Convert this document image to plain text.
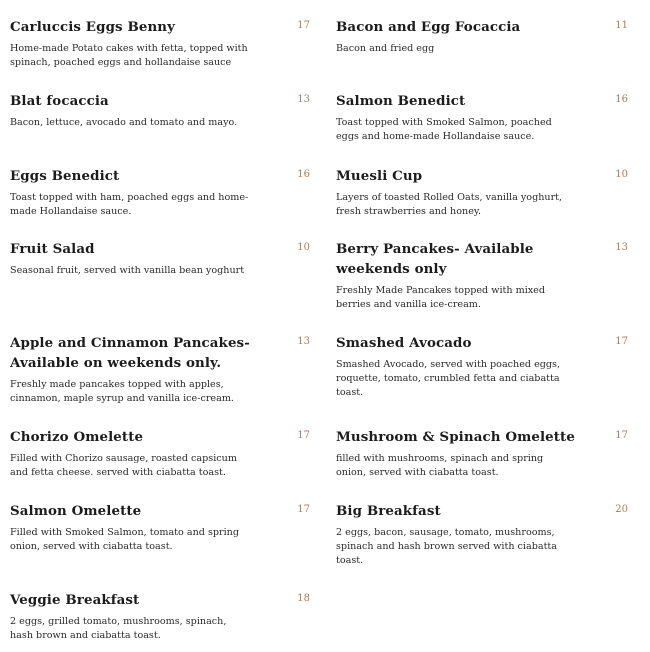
Carluccis Eggs Benny	17
Home-made Potato cakes with fetta, topped with spinach, poached eggs and hollandaise sauce
Blat focaccia	13
Bacon, lettuce, avocado and tomato and mayo.
Eggs Benedict	16
Toast topped with ham, poached eggs and home-made Hollandaise sauce.
Fruit Salad	10
Seasonal fruit, served with vanilla bean yoghurt
Apple and Cinnamon Pancakes- Available on weekends only.
13
Freshly made pancakes topped with apples, cinnamon, maple syrup and vanilla ice-cream.
Chorizo Omelette	17
Filled with Chorizo sausage, roasted capsicum and fetta cheese. served with ciabatta toast.
Salmon Omelette	17
Filled with Smoked Salmon, tomato and spring onion, served with ciabatta toast.
Veggie Breakfast	18
2 eggs, grilled tomato, mushrooms, spinach, hash brown and ciabatta toast.
Bacon and Egg Focaccia	11
Bacon and fried egg
Salmon Benedict	16
Toast topped with Smoked Salmon, poached eggs and home-made Hollandaise sauce.
Muesli Cup	10
Layers of toasted Rolled Oats, vanilla yoghurt, fresh strawberries and honey.
Berry Pancakes- Available weekends only
13
Freshly Made Pancakes topped with mixed berries and vanilla ice-cream.
Smashed Avocado	17
Smashed Avocado, served with poached eggs, roquette, tomato, crumbled fetta and ciabatta toast.
Mushroom & Spinach Omelette	17
filled with mushrooms, spinach and spring onion, served with ciabatta toast.
Big Breakfast	20
2 eggs, bacon, sausage, tomato, mushrooms, spinach and hash brown served with ciabatta toast.
